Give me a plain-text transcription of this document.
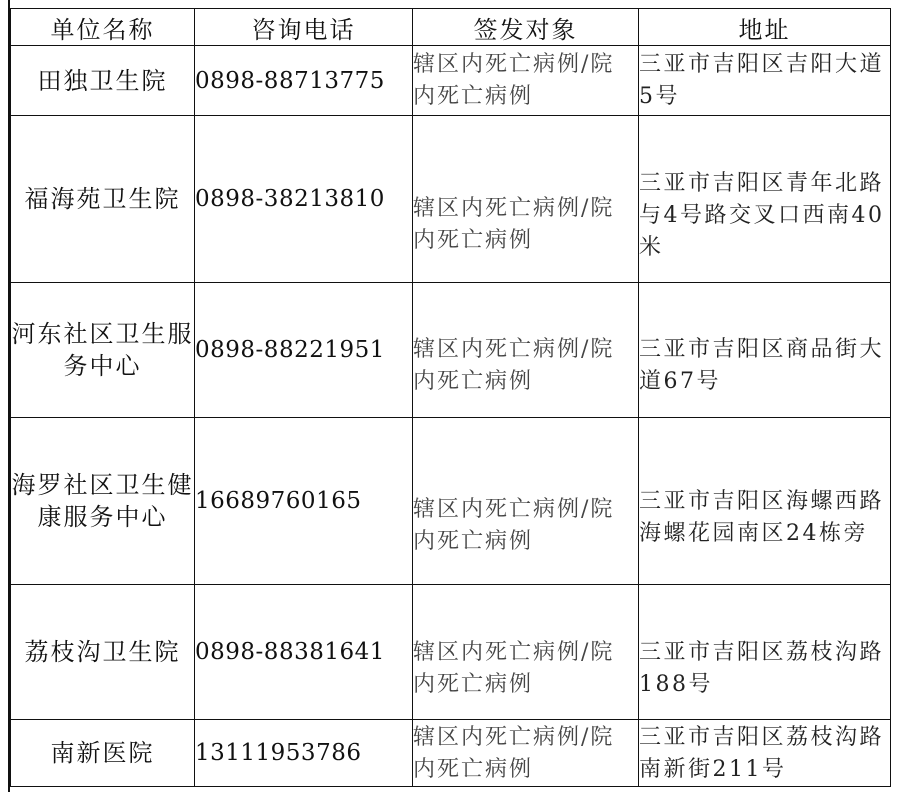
单位名称	咨询电话	签发对象	地址
田独卫生院	0898-88713775	辖区内死亡病例/院内死亡病例	三亚市吉阳区吉阳大道5号
福海苑卫生院	0898-38213810	辖区内死亡病例/院内死亡病例	三亚市吉阳区青年北路与4号路交叉口西南40米

河东社区卫生服务中心	0898-88221951	辖区内死亡病例/院内死亡病例	三亚市吉阳区商品街大道67号

海罗社区卫生健康服务中心	16689760165	辖区内死亡病例/院内死亡病例	三亚市吉阳区海螺西路海螺花园南区24栋旁

荔枝沟卫生院	0898-88381641	辖区内死亡病例/院内死亡病例	三亚市吉阳区荔枝沟路188号

南新医院	13111953786	辖区内死亡病例/院内死亡病例	三亚市吉阳区荔枝沟路南新街211号
